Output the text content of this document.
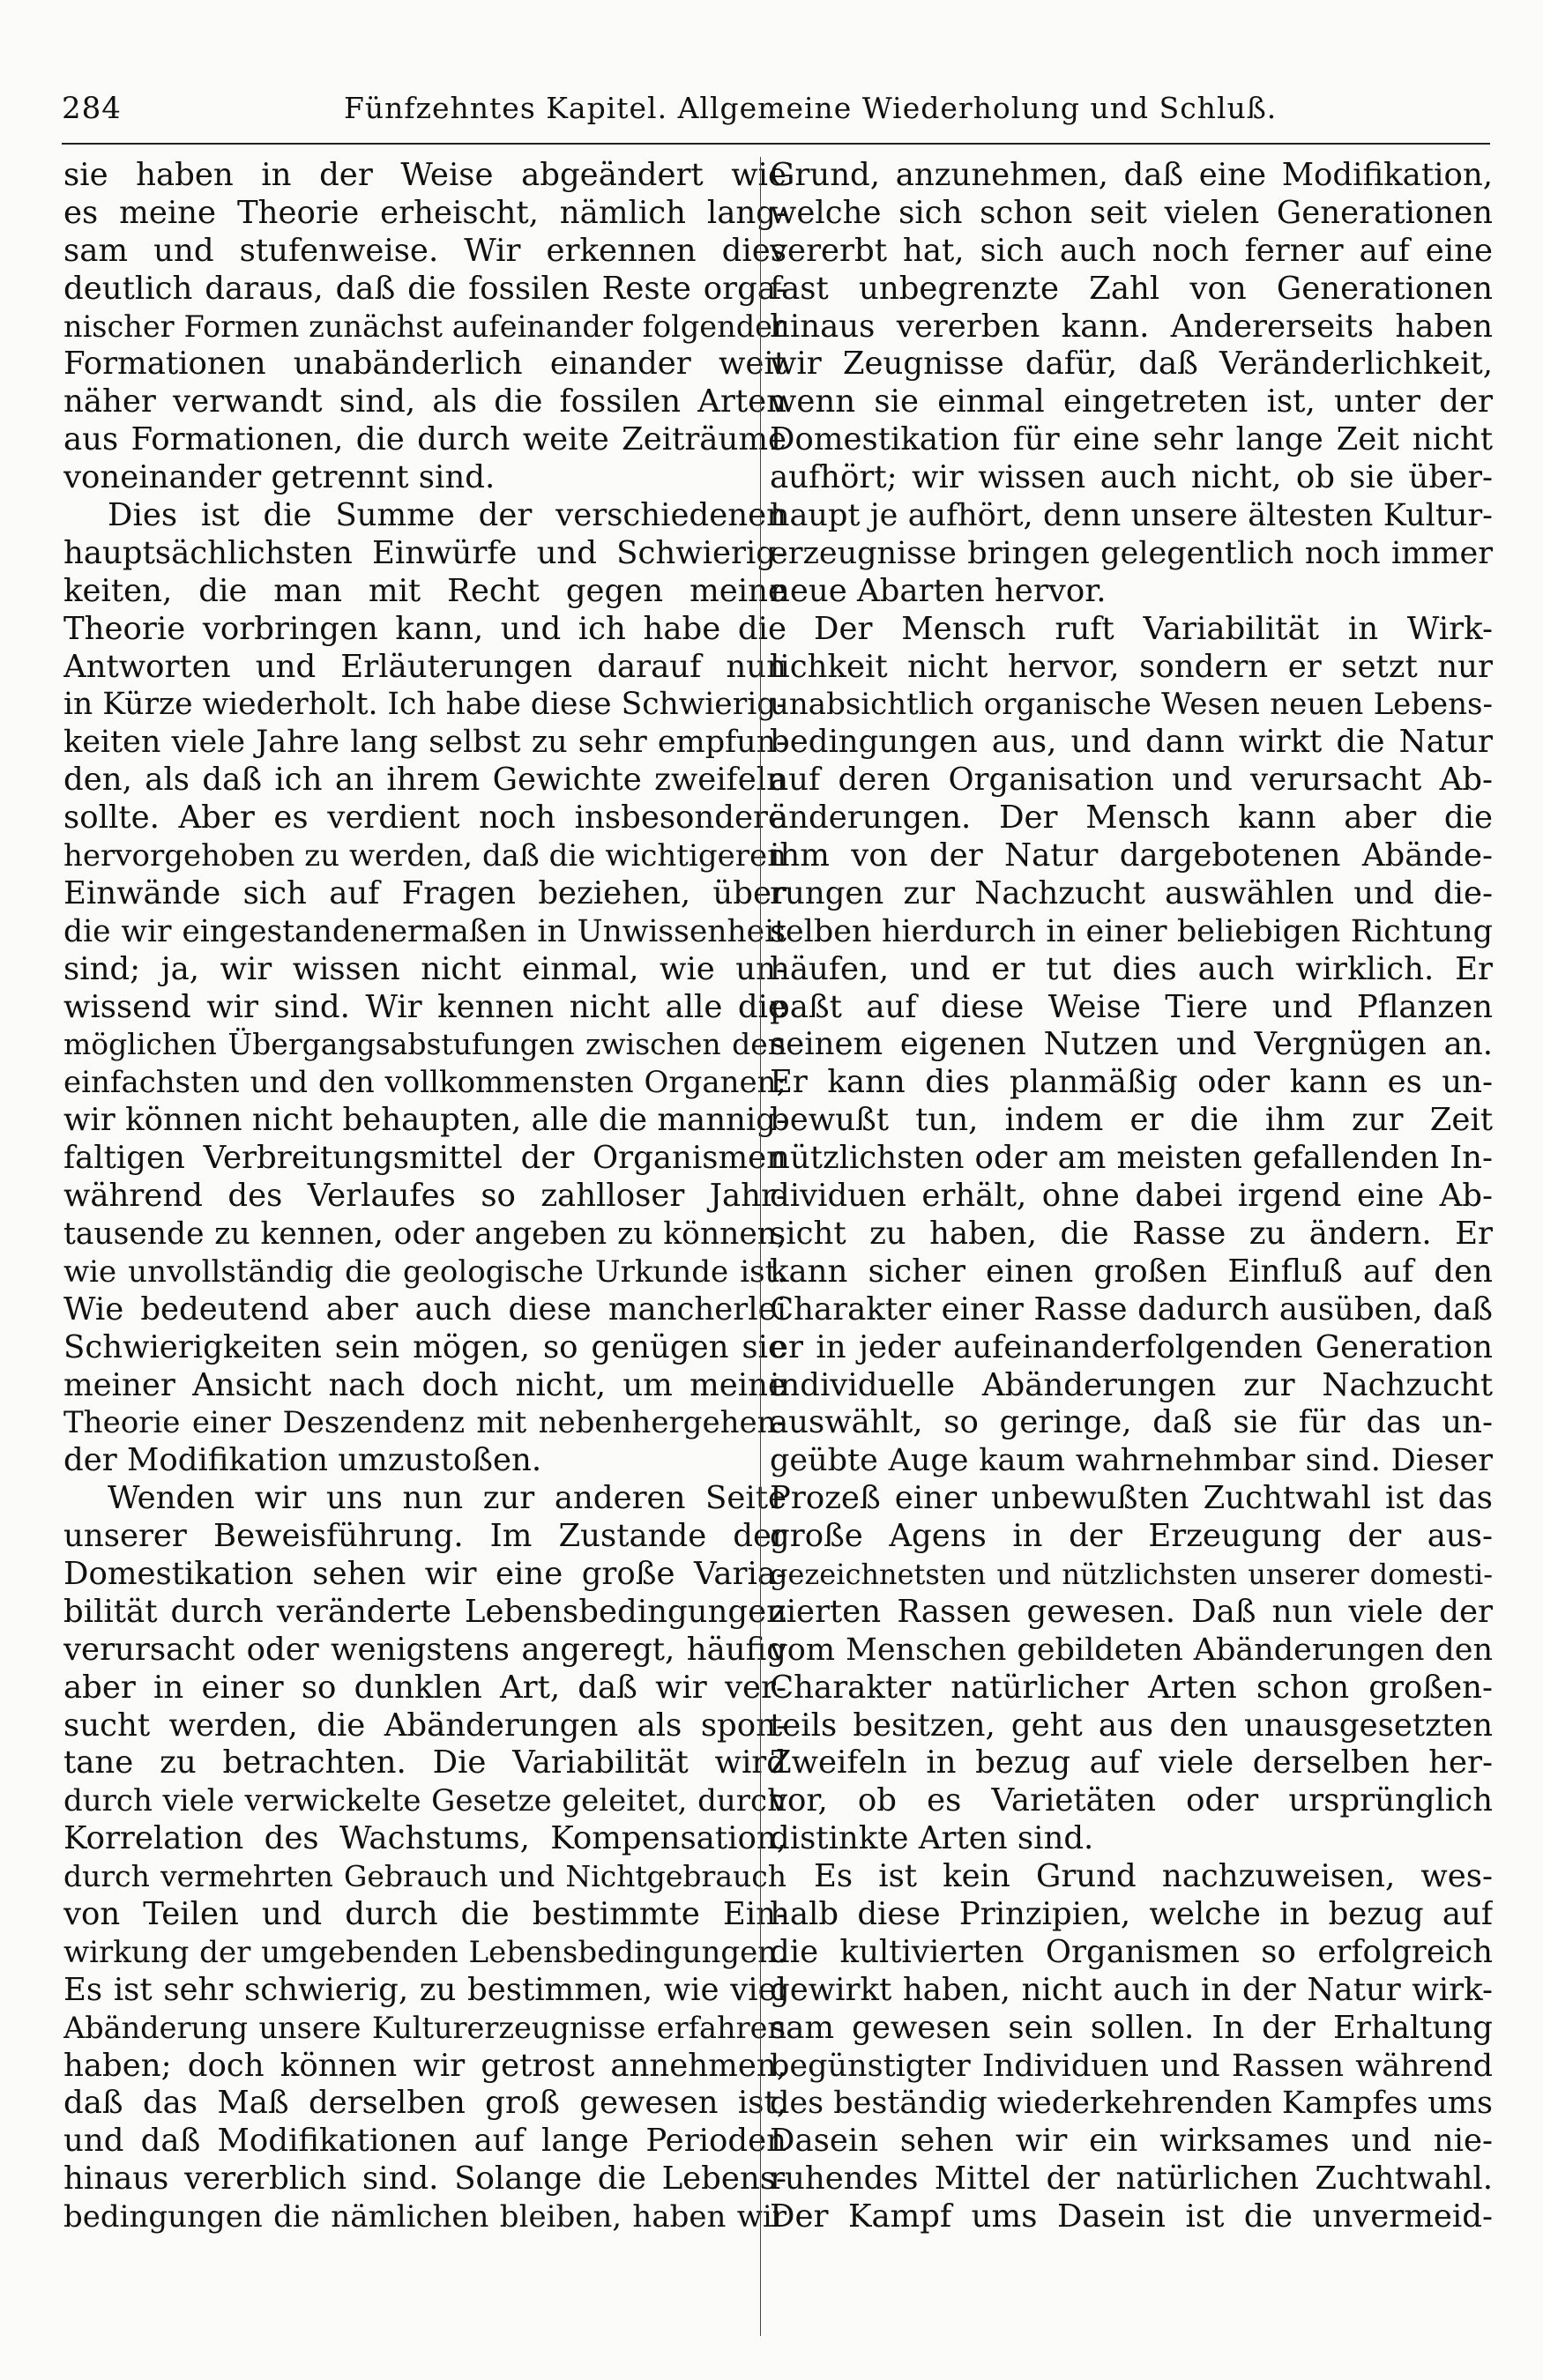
284	Fünfzehntes Kapitel. Allgemeine Wiederholung und Schluß.
sie haben in der Weise abgeändert wie
es meine Theorie erheischt, nämlich lang-
sam und stufenweise. Wir erkennen dies
deutlich daraus, daß die fossilen Reste orga-
nischer Formen zunächst aufeinander folgender
Formationen unabänderlich einander weit
näher verwandt sind, als die fossilen Arten
aus Formationen, die durch weite Zeiträume
voneinander getrennt sind.
Dies ist die Summe der verschiedenen
hauptsächlichsten Einwürfe und Schwierig-
keiten, die man mit Recht gegen meine
Theorie vorbringen kann, und ich habe die
Antworten und Erläuterungen darauf nun
in Kürze wiederholt. Ich habe diese Schwierig-
keiten viele Jahre lang selbst zu sehr empfun-
den, als daß ich an ihrem Gewichte zweifeln
sollte. Aber es verdient noch insbesondere
hervorgehoben zu werden, daß die wichtigeren
Einwände sich auf Fragen beziehen, über
die wir eingestandenermaßen in Unwissenheit
sind; ja, wir wissen nicht einmal, wie un-
wissend wir sind. Wir kennen nicht alle die
möglichen Übergangsabstufungen zwischen den
einfachsten und den vollkommensten Organen;
wir können nicht behaupten, alle die mannig-
faltigen Verbreitungsmittel der Organismen
während des Verlaufes so zahlloser Jahr-
tausende zu kennen, oder angeben zu können,
wie unvollständig die geologische Urkunde ist.
Wie bedeutend aber auch diese mancherlei
Schwierigkeiten sein mögen, so genügen sie
meiner Ansicht nach doch nicht, um meine
Theorie einer Deszendenz mit nebenhergehen-
der Modifikation umzustoßen.
Wenden wir uns nun zur anderen Seite
unserer Beweisführung. Im Zustande der
Domestikation sehen wir eine große Varia-
bilität durch veränderte Lebensbedingungen
verursacht oder wenigstens angeregt, häufig
aber in einer so dunklen Art, daß wir ver-
sucht werden, die Abänderungen als spon-
tane zu betrachten. Die Variabilität wird
durch viele verwickelte Gesetze geleitet, durch
Korrelation des Wachstums, Kompensation,
durch vermehrten Gebrauch und Nichtgebrauch
von Teilen und durch die bestimmte Ein-
wirkung der umgebenden Lebensbedingungen.
Es ist sehr schwierig, zu bestimmen, wie viel
Abänderung unsere Kulturerzeugnisse erfahren
haben; doch können wir getrost annehmen,
daß das Maß derselben groß gewesen ist,
und daß Modifikationen auf lange Perioden
hinaus vererblich sind. Solange die Lebens-
bedingungen die nämlichen bleiben, haben wir
Grund, anzunehmen, daß eine Modifikation,
welche sich schon seit vielen Generationen
vererbt hat, sich auch noch ferner auf eine
fast unbegrenzte Zahl von Generationen
hinaus vererben kann. Andererseits haben
wir Zeugnisse dafür, daß Veränderlichkeit,
wenn sie einmal eingetreten ist, unter der
Domestikation für eine sehr lange Zeit nicht
aufhört; wir wissen auch nicht, ob sie über-
haupt je aufhört, denn unsere ältesten Kultur-
erzeugnisse bringen gelegentlich noch immer
neue Abarten hervor.
Der Mensch ruft Variabilität in Wirk-
lichkeit nicht hervor, sondern er setzt nur
unabsichtlich organische Wesen neuen Lebens-
bedingungen aus, und dann wirkt die Natur
auf deren Organisation und verursacht Ab-
änderungen. Der Mensch kann aber die
ihm von der Natur dargebotenen Abände-
rungen zur Nachzucht auswählen und die-
selben hierdurch in einer beliebigen Richtung
häufen, und er tut dies auch wirklich. Er
paßt auf diese Weise Tiere und Pflanzen
seinem eigenen Nutzen und Vergnügen an.
Er kann dies planmäßig oder kann es un-
bewußt tun, indem er die ihm zur Zeit
nützlichsten oder am meisten gefallenden In-
dividuen erhält, ohne dabei irgend eine Ab-
sicht zu haben, die Rasse zu ändern. Er
kann sicher einen großen Einfluß auf den
Charakter einer Rasse dadurch ausüben, daß
er in jeder aufeinanderfolgenden Generation
individuelle Abänderungen zur Nachzucht
auswählt, so geringe, daß sie für das un-
geübte Auge kaum wahrnehmbar sind. Dieser
Prozeß einer unbewußten Zuchtwahl ist das
große Agens in der Erzeugung der aus-
gezeichnetsten und nützlichsten unserer domesti-
zierten Rassen gewesen. Daß nun viele der
vom Menschen gebildeten Abänderungen den
Charakter natürlicher Arten schon großen-
teils besitzen, geht aus den unausgesetzten
Zweifeln in bezug auf viele derselben her-
vor, ob es Varietäten oder ursprünglich
distinkte Arten sind.
Es ist kein Grund nachzuweisen, wes-
halb diese Prinzipien, welche in bezug auf
die kultivierten Organismen so erfolgreich
gewirkt haben, nicht auch in der Natur wirk-
sam gewesen sein sollen. In der Erhaltung
begünstigter Individuen und Rassen während
des beständig wiederkehrenden Kampfes ums
Dasein sehen wir ein wirksames und nie-
ruhendes Mittel der natürlichen Zuchtwahl.
Der Kampf ums Dasein ist die unvermeid-
